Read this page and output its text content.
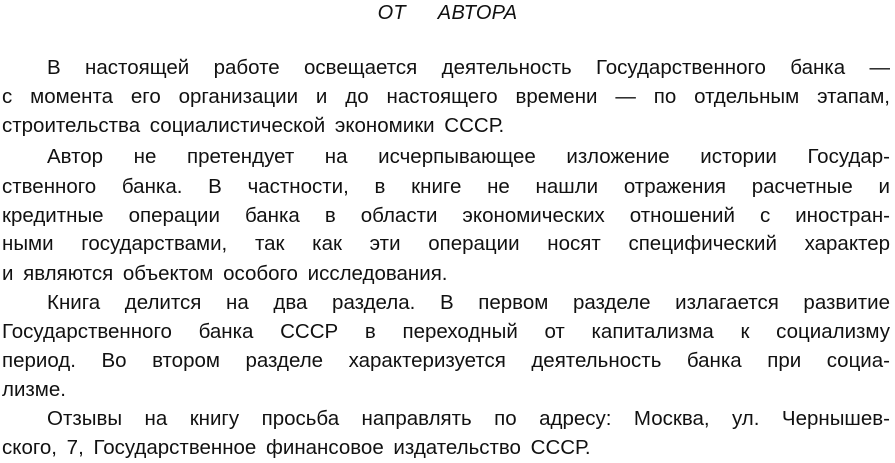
ОТ АВТОРА
В настоящей работе освещается деятельность Государственного банка —
с момента его организации и до настоящего времени — по отдельным этапам,
строительства социалистической экономики СССР.
Автор не претендует на исчерпывающее изложение истории Государ-
ственного банка. В частности, в книге не нашли отражения расчетные и
кредитные операции банка в области экономических отношений с иностран-
ными государствами, так как эти операции носят специфический характер
и являются объектом особого исследования.
Книга делится на два раздела. В первом разделе излагается развитие
Государственного банка СССР в переходный от капитализма к социализму
период. Во втором разделе характеризуется деятельность банка при социа-
лизме.
Отзывы на книгу просьба направлять по адресу: Москва, ул. Чернышев-
ского, 7, Государственное финансовое издательство СССР.
